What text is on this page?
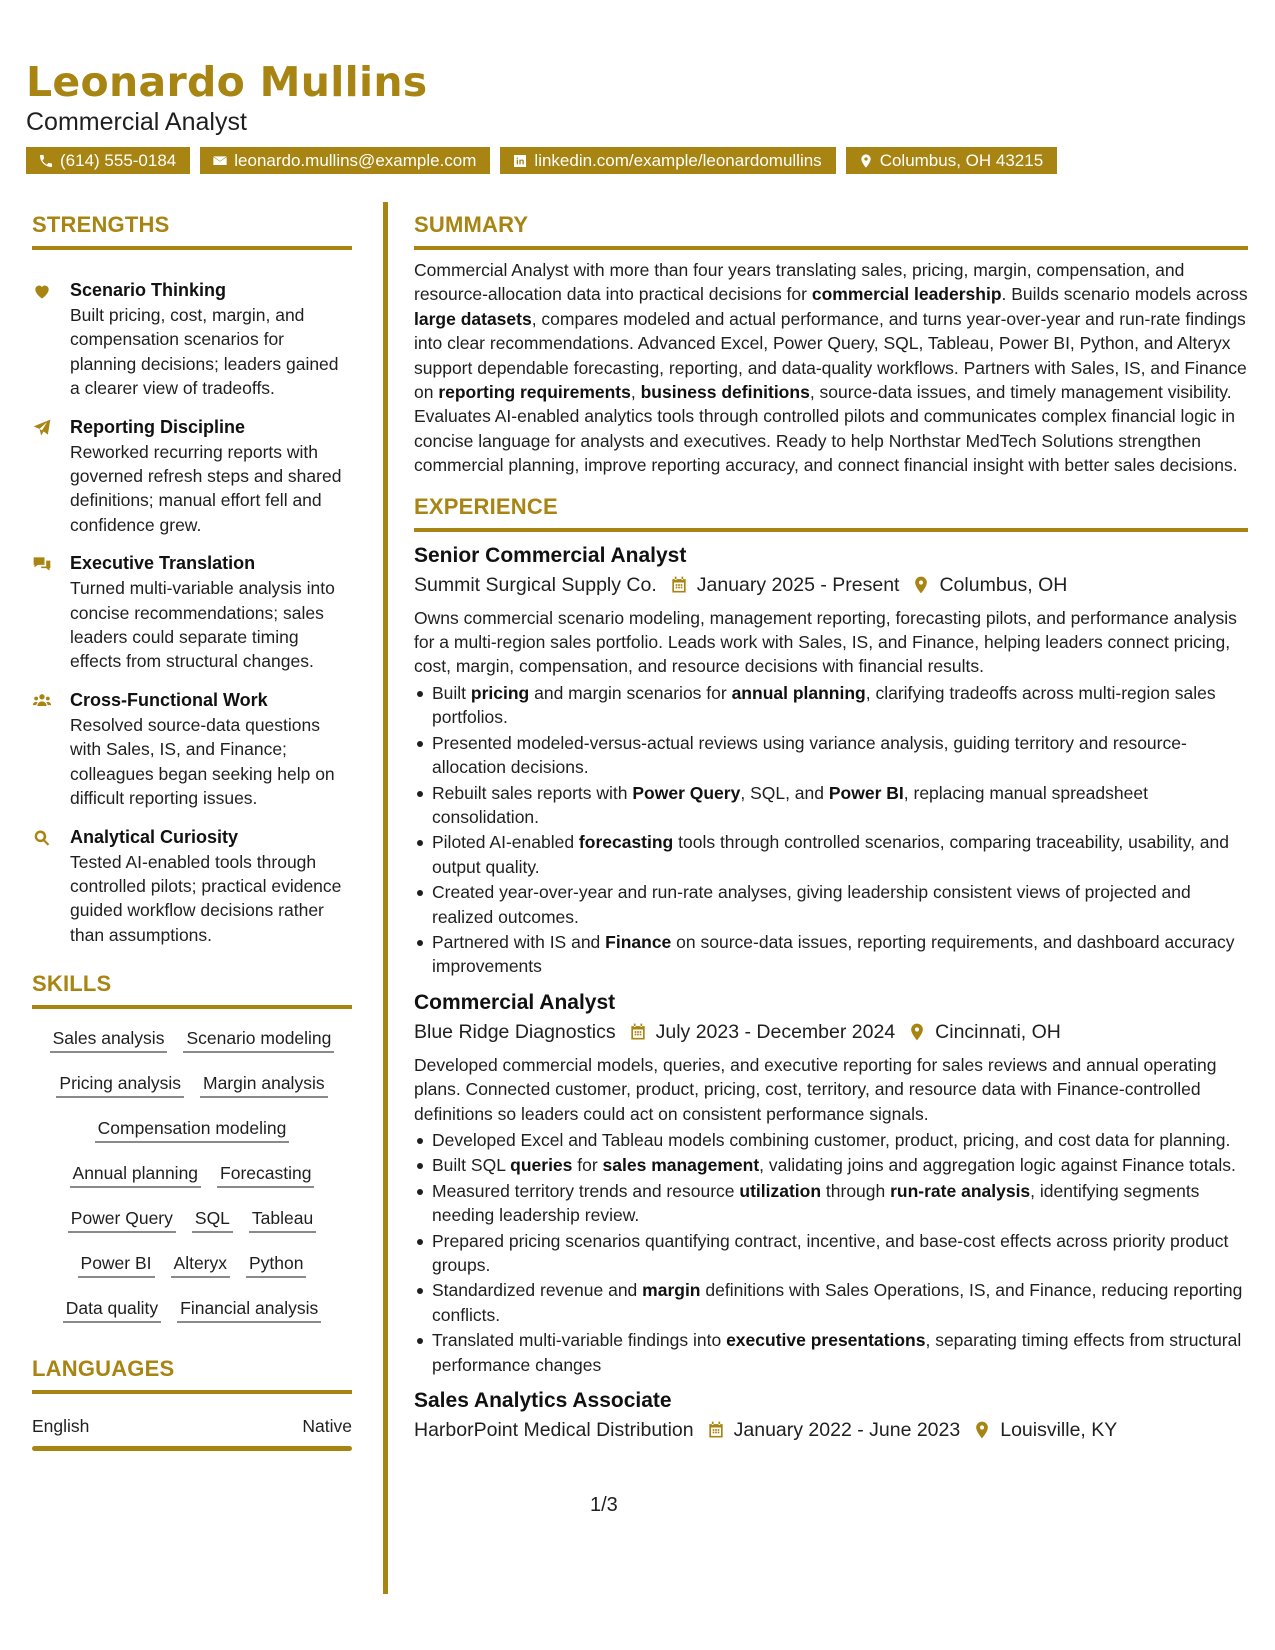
Leonardo Mullins
Commercial Analyst
(614) 555-0184	leonardo.mullins@example.com	linkedin.com/example/leonardomullins	Columbus, OH 43215
STRENGTHS
Scenario Thinking
Built pricing, cost, margin, and compensation scenarios for planning decisions; leaders gained a clearer view of tradeoffs.
Reporting Discipline
Reworked recurring reports with governed refresh steps and shared definitions; manual effort fell and confidence grew.
Executive Translation
Turned multi-variable analysis into concise recommendations; sales leaders could separate timing effects from structural changes.
Cross-Functional Work
Resolved source-data questions with Sales, IS, and Finance; colleagues began seeking help on difficult reporting issues.
Analytical Curiosity
Tested AI-enabled tools through controlled pilots; practical evidence guided workflow decisions rather than assumptions.
SKILLS
Sales analysis Scenario modeling
Pricing analysis Margin analysis
Compensation modeling
Annual planning Forecasting
Power Query SQL Tableau
Power BI Alteryx Python
Data quality Financial analysis
LANGUAGES
English	Native
SUMMARY
Commercial Analyst with more than four years translating sales, pricing, margin, compensation, and resource-allocation data into practical decisions for commercial leadership. Builds scenario models across large datasets, compares modeled and actual performance, and turns year-over-year and run-rate findings into clear recommendations. Advanced Excel, Power Query, SQL, Tableau, Power BI, Python, and Alteryx support dependable forecasting, reporting, and data-quality workflows. Partners with Sales, IS, and Finance on reporting requirements, business definitions, source-data issues, and timely management visibility. Evaluates AI-enabled analytics tools through controlled pilots and communicates complex financial logic in concise language for analysts and executives. Ready to help Northstar MedTech Solutions strengthen commercial planning, improve reporting accuracy, and connect financial insight with better sales decisions.
EXPERIENCE
Senior Commercial Analyst
Summit Surgical Supply Co. January 2025 - Present Columbus, OH
Owns commercial scenario modeling, management reporting, forecasting pilots, and performance analysis for a multi-region sales portfolio. Leads work with Sales, IS, and Finance, helping leaders connect pricing, cost, margin, compensation, and resource decisions with financial results.
Built pricing and margin scenarios for annual planning, clarifying tradeoffs across multi-region sales portfolios.
Presented modeled-versus-actual reviews using variance analysis, guiding territory and resource-allocation decisions.
Rebuilt sales reports with Power Query, SQL, and Power BI, replacing manual spreadsheet consolidation.
Piloted AI-enabled forecasting tools through controlled scenarios, comparing traceability, usability, and output quality.
Created year-over-year and run-rate analyses, giving leadership consistent views of projected and realized outcomes.
Partnered with IS and Finance on source-data issues, reporting requirements, and dashboard accuracy improvements
Commercial Analyst
Blue Ridge Diagnostics July 2023 - December 2024 Cincinnati, OH
Developed commercial models, queries, and executive reporting for sales reviews and annual operating plans. Connected customer, product, pricing, cost, territory, and resource data with Finance-controlled definitions so leaders could act on consistent performance signals.
Developed Excel and Tableau models combining customer, product, pricing, and cost data for planning.
Built SQL queries for sales management, validating joins and aggregation logic against Finance totals.
Measured territory trends and resource utilization through run-rate analysis, identifying segments needing leadership review.
Prepared pricing scenarios quantifying contract, incentive, and base-cost effects across priority product groups.
Standardized revenue and margin definitions with Sales Operations, IS, and Finance, reducing reporting conflicts.
Translated multi-variable findings into executive presentations, separating timing effects from structural performance changes
Sales Analytics Associate
HarborPoint Medical Distribution January 2022 - June 2023 Louisville, KY
1/3
